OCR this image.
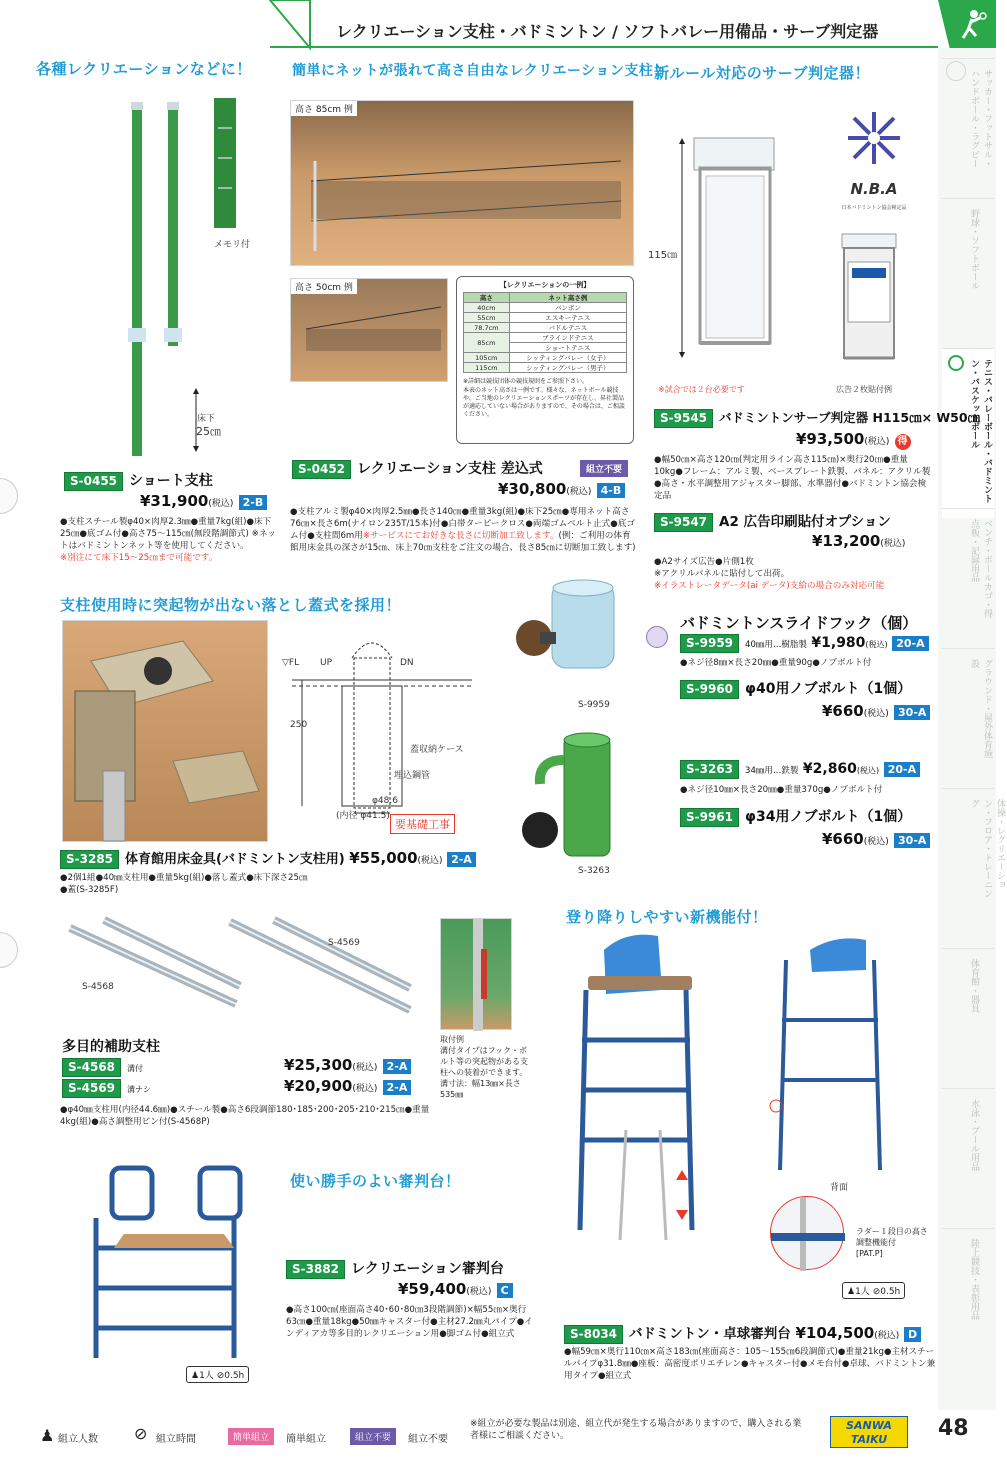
レクリエーション支柱・バドミントン / ソフトバレー用備品・サーブ判定器
サッカー・フットサル・ハンドボール・ラグビー
野球・ソフトボール
テニス・バレーボール・バドミントン・バスケットボール
ベンチ・ボールカゴ・得点板・記録用品
グラウンド・屋外体育施設
体操・レクリエーション・フロア・トレーニング
体育館・器具
水泳・プール用品
陸上競技・表彰用品
各種レクリエーションなどに！	簡単にネットが張れて高さ自由なレクリエーション支柱！
新ルール対応のサーブ判定器！
メモリ付
床下
25㎝
S-0455 ショート支柱
¥31,900(税込) 2-B
●支柱スチール製φ40×肉厚2.3㎜●重量7kg(組)●床下25㎝●底ゴム付●高さ75～115㎝(無段階調節式) ※ネットはバドミントンネット等を使用してください。
※別注にて床下15～25㎝まで可能です。
高さ 85cm 例
高さ 50cm 例	【レクリエーションの一例】
高さ	ネット高さ例
40cm	バンボン
55cm	エスキーテニス
78.7cm	バドルテニス
85cm	ブラインドテニス
	ショートテニス
105cm	シッティングバレー（女子）
115cm	シッティングバレー（男子）
※詳細は競技団体の競技規則をご参照下さい。
本表のネット高さは一例です。様々な、ネットボール競技や、ご当地のレクリエーションスポーツが存在し、昇社製品が適応していない場合がありますので、その場合は、ご相談ください。
S-0452 レクリエーション支柱 差込式	組立不要
¥30,800(税込) 4-B
●支柱アルミ製φ40×肉厚2.5㎜●長さ140㎝●重量3kg(組)●床下25㎝●専用ネット高さ76㎝×長さ6m(ナイロン235T/15本)付●白帯ターピークロス●両端ゴムベルト止式●底ゴム付●支柱間6m用※サービスにてお好きな長さに切断加工致します。(例：ご利用の体育館用床金具の深さが15㎝、床上70㎝支柱をご注文の場合、長さ85㎝に切断加工致します)
115㎝
※試合では２台必要です
N.B.A
日本バドミントン協会検定品
広告２枚貼付例
S-9545 バドミントンサーブ判定器 H115㎝× W50㎝
¥93,500(税込) 得
●幅50㎝×高さ120㎝(判定用ライン高さ115㎝)×奥行20㎝●重量10kg●フレーム：アルミ製、ベースプレート鉄製、パネル：アクリル製●高さ・水平調整用アジャスター脚部、水準器付●バドミントン協会検定品
S-9547 A2 広告印刷貼付オプション
¥13,200(税込)
●A2サイズ広告●片側1枚
※アクリルパネルに貼付して出荷。
※イラストレータデータ(ai データ)支給の場合のみ対応可能
支柱使用時に突起物が出ない落とし蓋式を採用！
▽FL UP	DN
250
蓋収納ケース
埋込鋼管
φ48.6
(内径 φ41.5)
要基礎工事
S-9959
S-3263
バドミントンスライドフック（個）
S-9959 40㎜用…樹脂製 ¥1,980(税込) 20-A
●ネジ径8㎜×長さ20㎜●重量90g●ノブボルト付
S-9960 φ40用ノブボルト（1個）
¥660(税込) 30-A
S-3263 34㎜用…鉄製 ¥2,860(税込) 20-A
●ネジ径10㎜×長さ20㎜●重量370g●ノブボルト付
S-9961 φ34用ノブボルト（1個）
¥660(税込) 30-A
S-3285 体育館用床金具(バドミントン支柱用) ¥55,000(税込) 2-A
●2個1組●40㎜支柱用●重量5kg(組)●落し蓋式●床下深さ25㎝
●蓋(S-3285F)
S-4568
S-4569
取付例
溝付タイプはフック・ボルト等の突起物がある支柱への装着ができます。溝寸法：幅13㎜×長さ 535㎜
多目的補助支柱
S-4568 溝付	¥25,300(税込) 2-A
S-4569 溝ナシ	¥20,900(税込) 2-A
●φ40㎜支柱用(内径44.6㎜)●スチール製●高さ6段調節180･185･200･205･210･215㎝●重量4kg(組)●高さ調整用ピン付(S-4568P)
登り降りしやすい新機能付！
背面
ラダー１段目の高さ調整機能付
[PAT.P]
♟1人 ⊘0.5h
S-8034 バドミントン・卓球審判台 ¥104,500(税込) D
●幅59㎝×奥行110㎝×高さ183㎝(座面高さ：105～155㎝6段調節式)●重量21kg●主材スチールパイプφ31.8㎜●座板：高密度ポリエチレン●キャスター付●メモ台付●卓球、バドミントン兼用タイプ●組立式
使い勝手のよい審判台！
♟1人 ⊘0.5h
S-3882 レクリエーション審判台
¥59,400(税込) C
●高さ100㎝(座面高さ40･60･80㎝3段階調節)×幅55㎝×奥行63㎝●重量18kg●50㎜キャスター付●主材27.2㎜丸パイプ●インディアカ等多目的レクリエーション用●脚ゴム付●組立式
♟ 組立人数 ⊘ 組立時間	簡単組立	簡単組立	組立不要	組立不要
※組立が必要な製品は別途、組立代が発生する場合がありますので、購入される業者様にご相談ください。
SANWA
TAIKU	48
